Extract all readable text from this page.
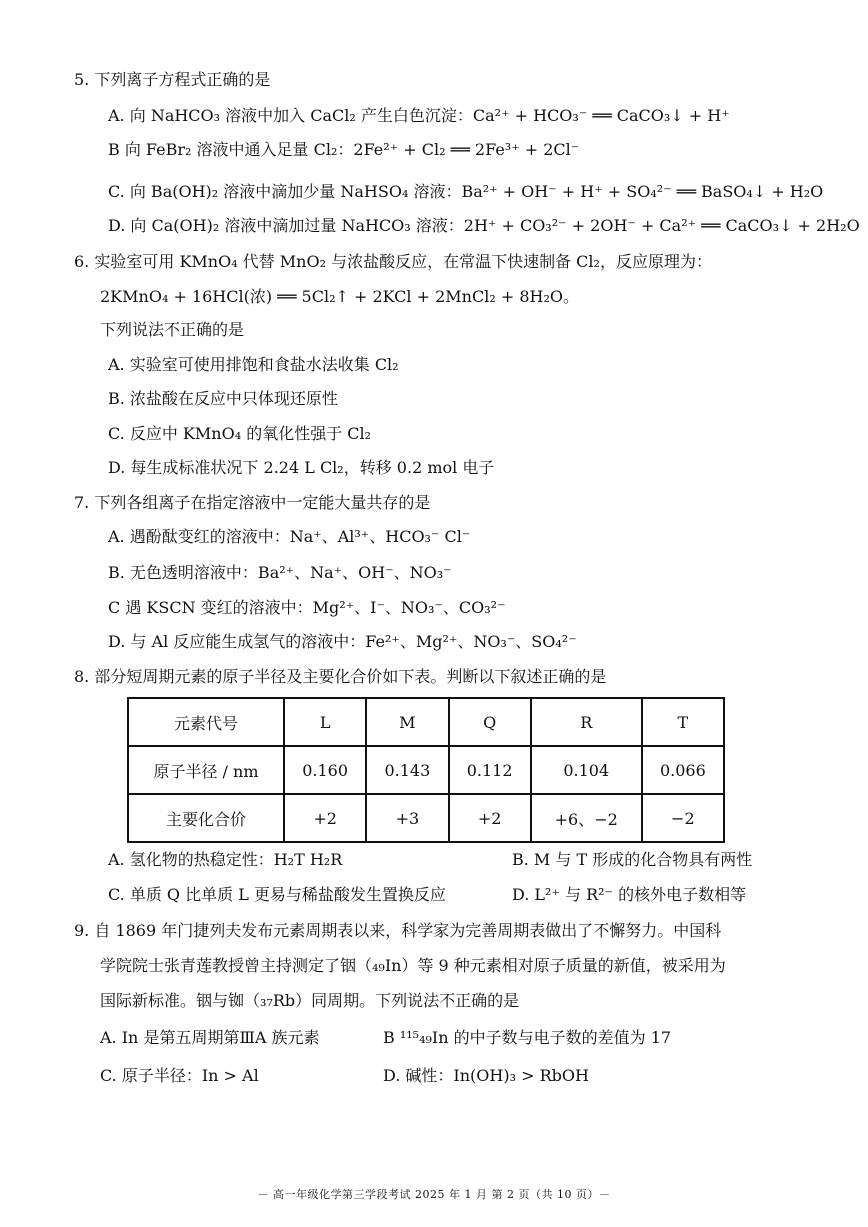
5. 下列离子方程式正确的是
A. 向 NaHCO₃ 溶液中加入 CaCl₂ 产生白色沉淀：Ca²⁺ + HCO₃⁻ ══ CaCO₃↓ + H⁺
B 向 FeBr₂ 溶液中通入足量 Cl₂：2Fe²⁺ + Cl₂ ══ 2Fe³⁺ + 2Cl⁻
C. 向 Ba(OH)₂ 溶液中滴加少量 NaHSO₄ 溶液：Ba²⁺ + OH⁻ + H⁺ + SO₄²⁻ ══ BaSO₄↓ + H₂O
D. 向 Ca(OH)₂ 溶液中滴加过量 NaHCO₃ 溶液：2H⁺ + CO₃²⁻ + 2OH⁻ + Ca²⁺ ══ CaCO₃↓ + 2H₂O
6. 实验室可用 KMnO₄ 代替 MnO₂ 与浓盐酸反应，在常温下快速制备 Cl₂，反应原理为：
2KMnO₄ + 16HCl(浓) ══ 5Cl₂↑ + 2KCl + 2MnCl₂ + 8H₂O。
下列说法不正确的是
A. 实验室可使用排饱和食盐水法收集 Cl₂
B. 浓盐酸在反应中只体现还原性
C. 反应中 KMnO₄ 的氧化性强于 Cl₂
D. 每生成标准状况下 2.24 L Cl₂，转移 0.2 mol 电子
7. 下列各组离子在指定溶液中一定能大量共存的是
A. 遇酚酞变红的溶液中：Na⁺、Al³⁺、HCO₃⁻ Cl⁻
B. 无色透明溶液中：Ba²⁺、Na⁺、OH⁻、NO₃⁻
C 遇 KSCN 变红的溶液中：Mg²⁺、I⁻、NO₃⁻、CO₃²⁻
D. 与 Al 反应能生成氢气的溶液中：Fe²⁺、Mg²⁺、NO₃⁻、SO₄²⁻
8. 部分短周期元素的原子半径及主要化合价如下表。判断以下叙述正确的是
元素代号	L	M	Q	R	T
原子半径 / nm	0.160	0.143	0.112	0.104	0.066
主要化合价	+2	+3	+2	+6、−2	−2
A. 氢化物的热稳定性：H₂T H₂R	B. M 与 T 形成的化合物具有两性
C. 单质 Q 比单质 L 更易与稀盐酸发生置换反应	D. L²⁺ 与 R²⁻ 的核外电子数相等
9. 自 1869 年门捷列夫发布元素周期表以来，科学家为完善周期表做出了不懈努力。中国科
学院院士张青莲教授曾主持测定了铟（₄₉In）等 9 种元素相对原子质量的新值，被采用为
国际新标准。铟与铷（₃₇Rb）同周期。下列说法不正确的是
A. In 是第五周期第ⅢA 族元素	B ¹¹⁵₄₉In 的中子数与电子数的差值为 17
C. 原子半径：In > Al	D. 碱性：In(OH)₃ > RbOH
－ 高一年级化学第三学段考试 2025 年 1 月 第 2 页（共 10 页）－
